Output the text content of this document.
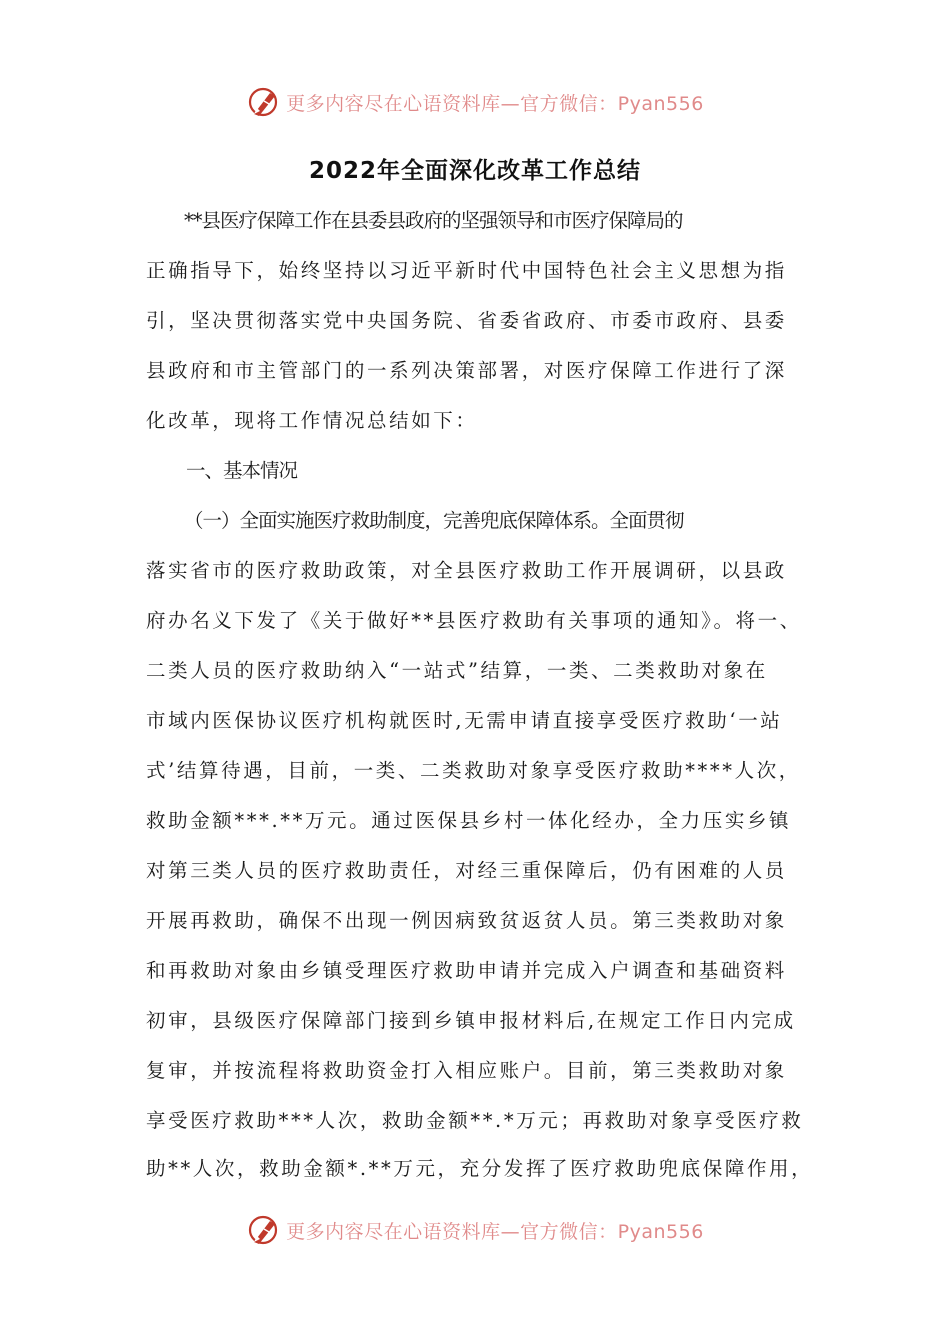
更多内容尽在心语资料库—官方微信：Pyan556
2022年全面深化改革工作总结
**县医疗保障工作在县委县政府的坚强领导和市医疗保障局的
正确指导下，始终坚持以习近平新时代中国特色社会主义思想为指
引，坚决贯彻落实党中央国务院、省委省政府、市委市政府、县委
县政府和市主管部门的一系列决策部署，对医疗保障工作进行了深
化改革，现将工作情况总结如下：
一、基本情况
（一）全面实施医疗救助制度，完善兜底保障体系。全面贯彻
落实省市的医疗救助政策，对全县医疗救助工作开展调研，以县政
府办名义下发了《关于做好**县医疗救助有关事项的通知》。将一、
二类人员的医疗救助纳入“一站式”结算，一类、二类救助对象在
市域内医保协议医疗机构就医时,无需申请直接享受医疗救助‘一站
式’结算待遇，目前，一类、二类救助对象享受医疗救助****人次，
救助金额***.**万元。通过医保县乡村一体化经办，全力压实乡镇
对第三类人员的医疗救助责任，对经三重保障后，仍有困难的人员
开展再救助，确保不出现一例因病致贫返贫人员。第三类救助对象
和再救助对象由乡镇受理医疗救助申请并完成入户调查和基础资料
初审，县级医疗保障部门接到乡镇申报材料后,在规定工作日内完成
复审，并按流程将救助资金打入相应账户。目前，第三类救助对象
享受医疗救助***人次，救助金额**.*万元；再救助对象享受医疗救
助**人次，救助金额*.**万元，充分发挥了医疗救助兜底保障作用，
更多内容尽在心语资料库—官方微信：Pyan556
